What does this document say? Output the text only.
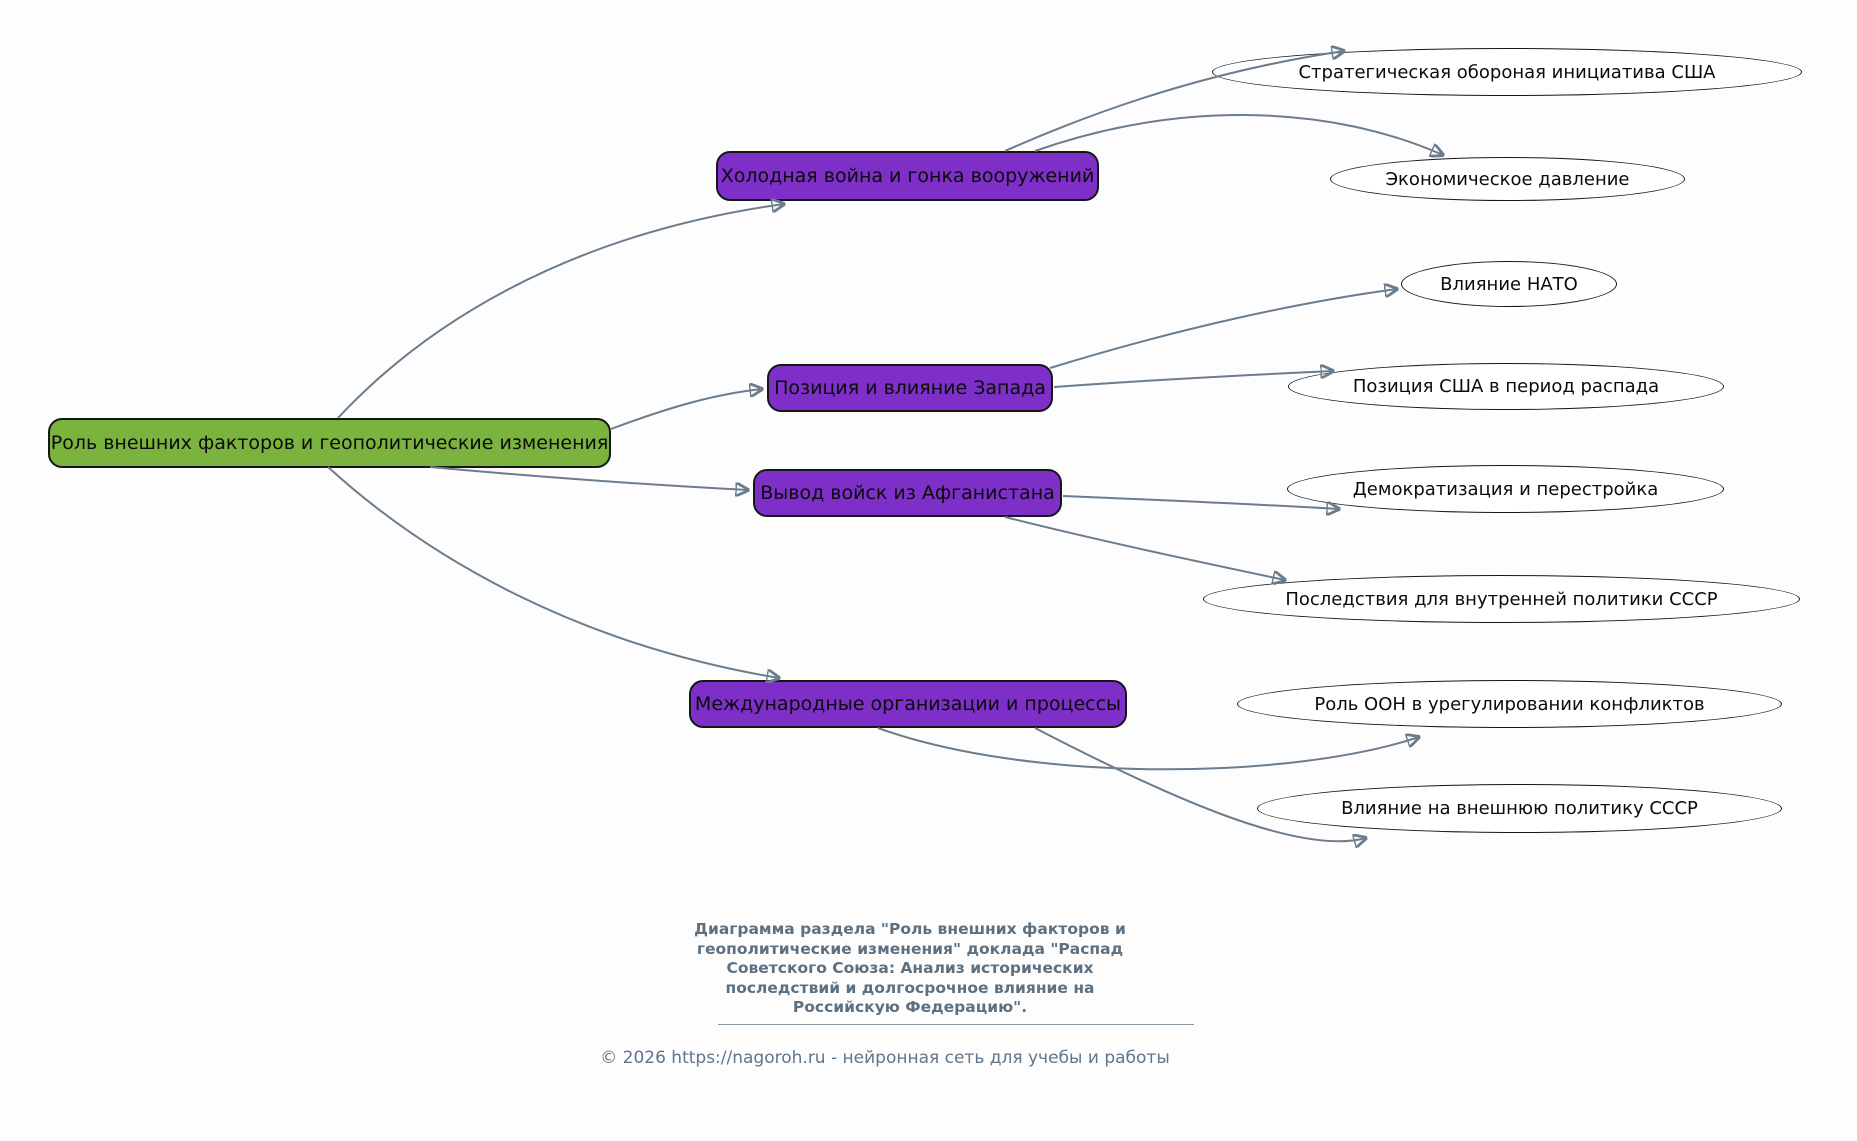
Роль внешних факторов и геополитические изменения
Холодная война и гонка вооружений
Позиция и влияние Запада
Вывод войск из Афганистана
Международные организации и процессы
Стратегическая обороная инициатива США
Экономическое давление
Влияние НАТО
Позиция США в период распада
Демократизация и перестройка
Последствия для внутренней политики СССР
Роль ООН в урегулировании конфликтов
Влияние на внешнюю политику СССР
Диаграмма раздела "Роль внешних факторов и
геополитические изменения" доклада "Распад
Советского Союза: Анализ исторических
последствий и долгосрочное влияние на
Российскую Федерацию".
© 2026 https://nagoroh.ru - нейронная сеть для учебы и работы
